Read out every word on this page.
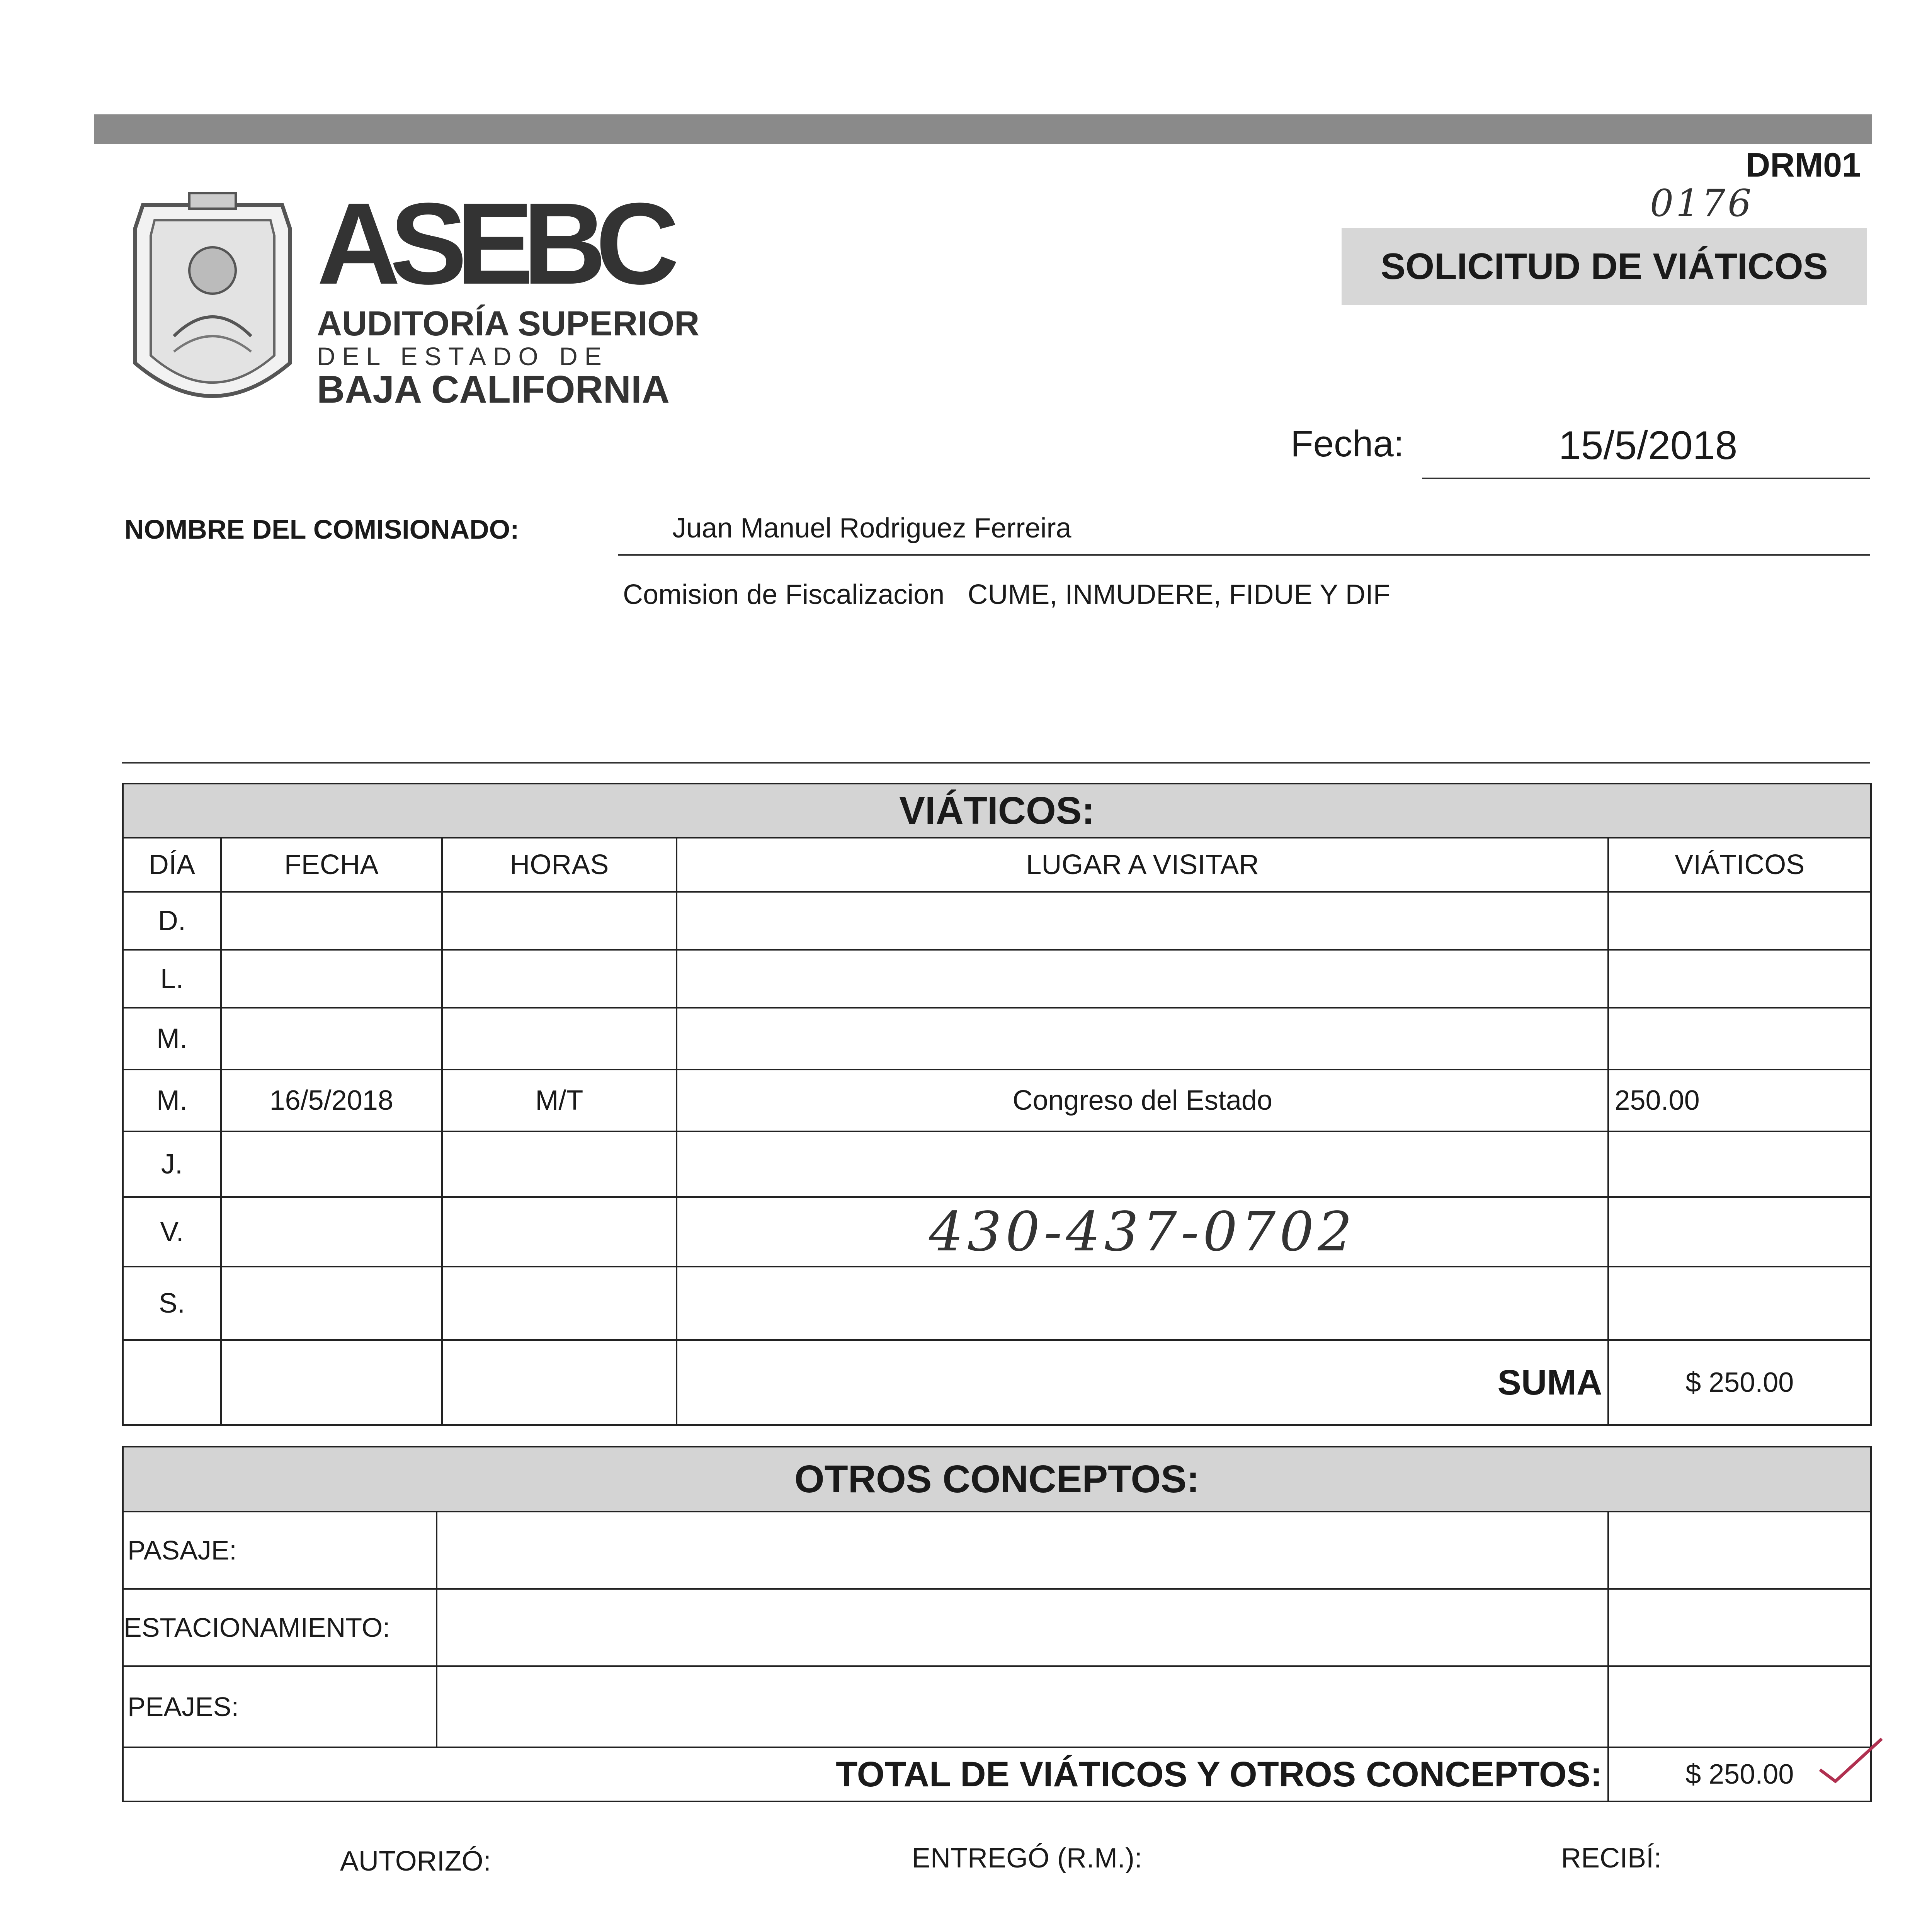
DRM01
0176
SOLICITUD DE VIÁTICOS
ASEBC
AUDITORÍA SUPERIOR
DEL ESTADO DE
BAJA CALIFORNIA
Fecha:	15/5/2018
NOMBRE DEL COMISIONADO:	Juan Manuel Rodriguez Ferreira
Comision de Fiscalizacion CUME, INMUDERE, FIDUE Y DIF
VIÁTICOS:				
DÍA	FECHA	HORAS	LUGAR A VISITAR	VIÁTICOS
D.				
L.				
M.				
M.	16/5/2018	M/T	Congreso del Estado	250.00
J.				
V.			430-437-0702	
S.				
			SUMA	$ 250.00
OTROS CONCEPTOS:		
PASAJE:		
ESTACIONAMIENTO:		
PEAJES:		
TOTAL DE VIÁTICOS Y OTROS CONCEPTOS:		$ 250.00
AUTORIZÓ:	ENTREGÓ (R.M.):	RECIBÍ:
